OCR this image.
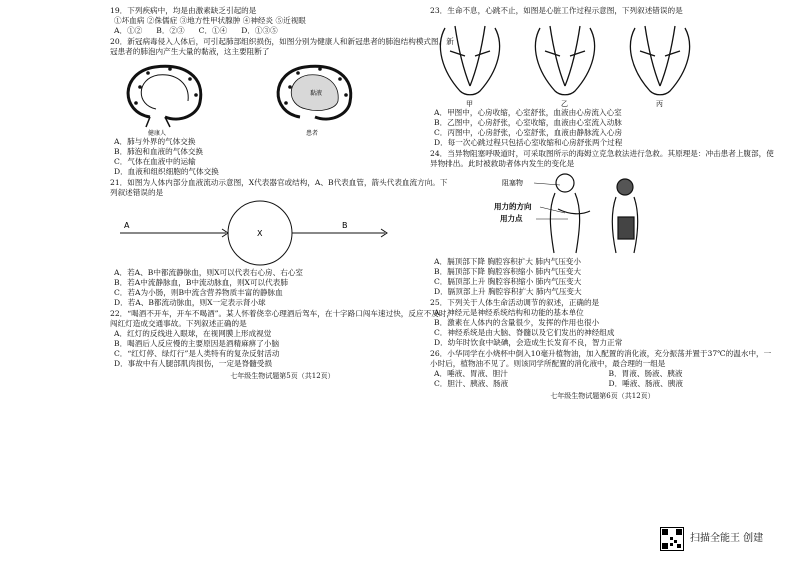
19．下列疾病中，均是由激素缺乏引起的是
①坏血病 ②侏儒症 ③地方性甲状腺肿 ④神经炎 ⑤近视眼
A．①② B．②③ C．①④ D．①③⑤
20．新冠病毒侵入人体后，可引起肺部组织损伤，如图分别为健康人和新冠患者的肺泡结构模式图。新冠患者的肺泡内产生大量的黏液，这主要阻断了
健康人
黏液
患者
A．肺与外界的气体交换
B．肺泡和血液的气体交换
C．气体在血液中的运输
D．血液和组织细胞的气体交换
21．如图为人体内部分血液流动示意图，X代表器官或结构，A、B代表血管，箭头代表血流方向。下列叙述错误的是
A
X
B
A．若A、B中都流静脉血，则X可以代表右心房、右心室
B．若A中流静脉血，B中流动脉血，则X可以代表肺
C．若A为小肠，则B中流含营养物质丰富的静脉血
D．若A、B都流动脉血，则X一定表示肾小球
22．“喝酒不开车，开车不喝酒”。某人怀着侥幸心理酒后驾车，在十字路口闯车速过快，反应不及时，闯红灯造成交通事故。下列叙述正确的是
A．红灯的反线进入眼球，在视网膜上形成视觉
B．喝酒后人反应慢的主要原因是酒精麻痹了小脑
C．“红灯停、绿灯行”是人类特有的复杂反射活动
D．事故中有人腿部肌肉损伤，一定是脊髓受损
七年级生物试题第5页（共12页）
23．生命不息，心跳不止，如图是心脏工作过程示意图，下列叙述错误的是
甲	乙	丙
A．甲图中，心房收缩，心室舒张，血液由心房流入心室
B．乙图中，心房舒张，心室收缩，血液由心室流入动脉
C．丙图中，心房舒张，心室舒张，血液由静脉流入心房
D．每一次心跳过程只包括心室收缩和心房舒张两个过程
24．当异物阻塞呼吸道时，可采取图所示的海姆立克急救法进行急救。其原理是：冲击患者上腹部，使异物排出。此时被救助者体内发生的变化是
阻塞物
用力的方向
用力点
A．膈顶部下降 胸腔容积扩大 肺内气压变小
B．膈顶部下降 胸腔容积缩小 肺内气压变大
C．膈顶部上升 胸腔容积缩小 肺内气压变大
D．膈顶部上升 胸腔容积扩大 肺内气压变大
25．下列关于人体生命活动调节的叙述，正确的是
A．神经元是神经系统结构和功能的基本单位
B．激素在人体内的含量很少，发挥的作用也很小
C．神经系统是由大脑、脊髓以及它们发出的神经组成
D．幼年时饮食中缺碘，会造成生长发育不良，智力正常
26．小华同学在小烧杯中倒入10毫升植物油，加入配置的消化液，充分振荡并置于37℃的温水中，一小时后，植物油不见了。则该同学所配置的消化液中，最合理的一组是
A．唾液、胃液、胆汁	B．胃液、肠液、胰液
C．胆汁、胰液、肠液	D．唾液、肠液、胰液
七年级生物试题第6页（共12页）
扫描全能王 创建
